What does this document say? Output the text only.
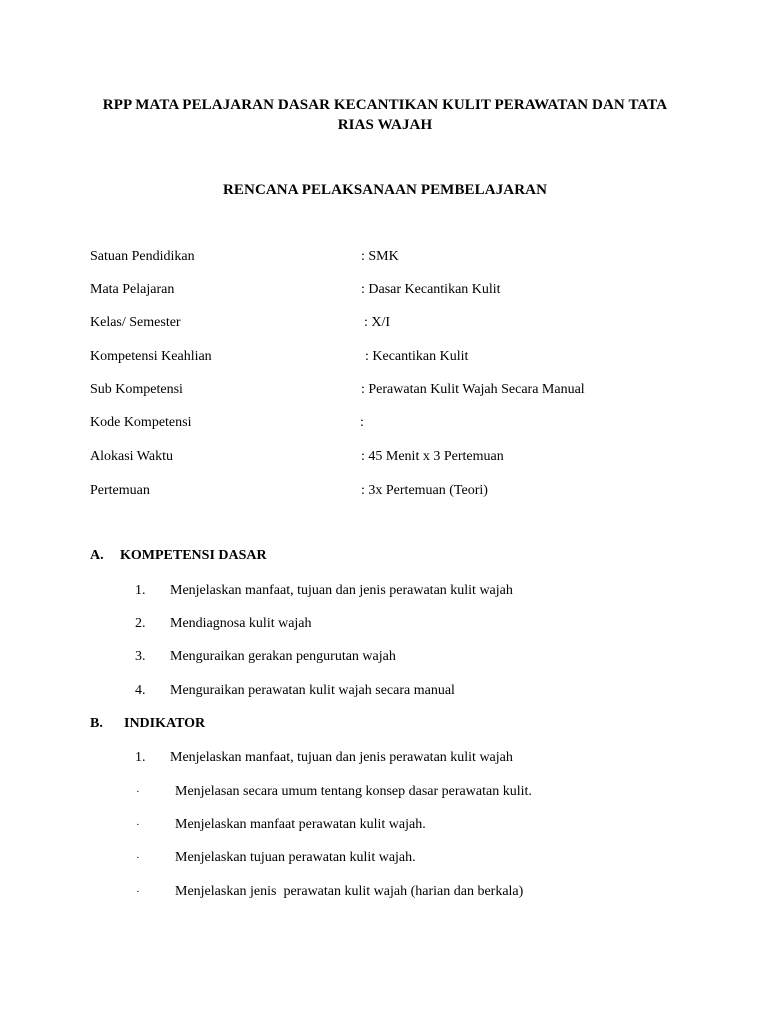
RPP MATA PELAJARAN DASAR KECANTIKAN KULIT PERAWATAN DAN TATA
RIAS WAJAH
RENCANA PELAKSANAAN PEMBELAJARAN
Satuan Pendidikan	: SMK
Mata Pelajaran	: Dasar Kecantikan Kulit
Kelas/ Semester	: X/I
Kompetensi Keahlian	: Kecantikan Kulit
Sub Kompetensi	: Perawatan Kulit Wajah Secara Manual
Kode Kompetensi	:
Alokasi Waktu	: 45 Menit x 3 Pertemuan
Pertemuan	: 3x Pertemuan (Teori)
A. KOMPETENSI DASAR
1. Menjelaskan manfaat, tujuan dan jenis perawatan kulit wajah
2. Mendiagnosa kulit wajah
3. Menguraikan gerakan pengurutan wajah
4. Menguraikan perawatan kulit wajah secara manual
B. INDIKATOR
1. Menjelaskan manfaat, tujuan dan jenis perawatan kulit wajah
·	Menjelasan secara umum tentang konsep dasar perawatan kulit.
·	Menjelaskan manfaat perawatan kulit wajah.
·	Menjelaskan tujuan perawatan kulit wajah.
·	Menjelaskan jenis  perawatan kulit wajah (harian dan berkala)
